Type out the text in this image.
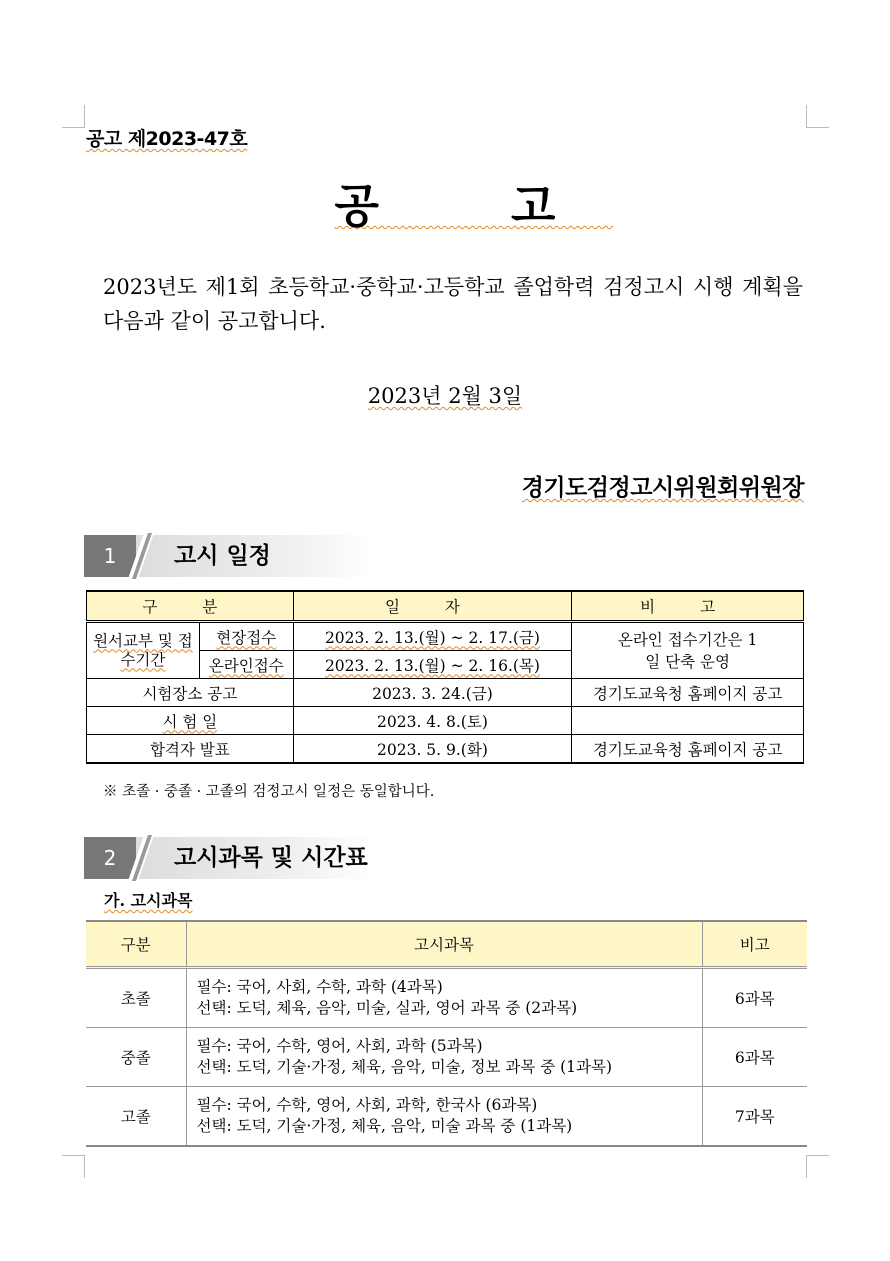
공고 제2023-47호
공 고
2023년도 제1회 초등학교·중학교·고등학교 졸업학력 검정고시 시행 계획을 다음과 같이 공고합니다.
2023년 2월 3일
경기도검정고시위원회위원장
1	고시 일정
구 분		일 자	비 고
원서교부 및 접수기간	현장접수	2023. 2. 13.(월) ~ 2. 17.(금)	온라인 접수기간은 1일 단축 운영
	온라인접수	2023. 2. 13.(월) ~ 2. 16.(목)	
시험장소 공고		2023. 3. 24.(금)	경기도교육청 홈페이지 공고
시 험 일		2023. 4. 8.(토)	
합격자 발표		2023. 5. 9.(화)	경기도교육청 홈페이지 공고
※ 초졸 · 중졸 · 고졸의 검정고시 일정은 동일합니다.
2	고시과목 및 시간표
가. 고시과목
구분	고시과목	비고
초졸	필수: 국어, 사회, 수학, 과학 (4과목)
선택: 도덕, 체육, 음악, 미술, 실과, 영어 과목 중 (2과목)	6과목
중졸	필수: 국어, 수학, 영어, 사회, 과학 (5과목)
선택: 도덕, 기술·가정, 체육, 음악, 미술, 정보 과목 중 (1과목)	6과목
고졸	필수: 국어, 수학, 영어, 사회, 과학, 한국사 (6과목)
선택: 도덕, 기술·가정, 체육, 음악, 미술 과목 중 (1과목)	7과목
